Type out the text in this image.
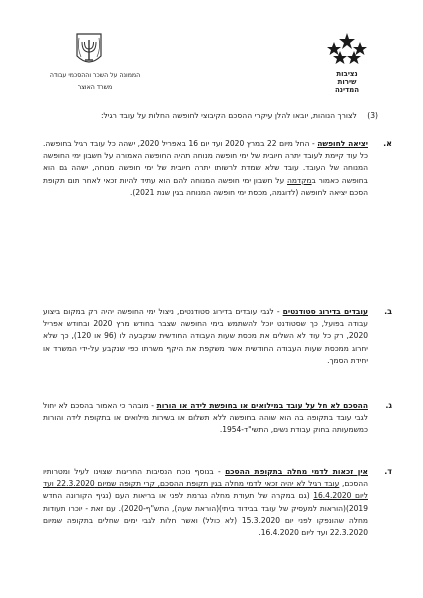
הממונה על השכר וההסכמי עבודה
משרד האוצר
נציבות
שירות
המדינה
(3) לצורך הנוהות, יובאו להלן עיקרי ההסכם הקיבוצי לחופשה החלות על עובד רגיל:
א.
יציאה לחופשה - החל מיום 22 במרץ 2020 ועד יום 16 באפריל 2020, ישהה כל עובד רגיל בחופשה. כל עוד קיימת לעובד יתרה חיובית של ימי חופשה מנוחה תהיה החופשה האמורה על חשבון ימי החופשה המנוחה של העובד. עובד שלא שמדת לרשותו יתרה חיובית של ימי חופשה מנוחה, ישהה גם הוא בחופשה כאמור במקדמה על חשבון ימי חופשה המנוחה להם הוא עתיד להיות זכאי לאחר תום תקופת הסכם יציאה לחופשה (לדוגמה, מכסת ימי חופשה המנוחה בגין שנת 2021).
ב.
עובדים בדירוג סטודנטים - לגבי עובדים בדירוג סטודנטים, ניצול ימי החופשה יהיה רק במקום ביצוע עבודה בפועל, כך שסטודנט יוכל להשתמש בימי החופשה שצבר בחודש מרץ 2020 ובחודש אפריל 2020, רק כל עוד לא השלים את מכסת שעות העבודה החודשית שנקבעה לו (96 או 120), כך שלא יחרוג ממכסת שעות העבודה החודשית אשר משקפת את היקף משרתו כפי שנקבע על-ידי המשרד או יחידת הסמך.
ג.
ההסכם לא חל על עובד במילואים או בחופשת לידה או הורות - מובהר כי האמור בהסכם לא יחול לגבי עובד בתקופה בה הוא שוהה בחופשה ללא תשלום או בשירות מילואים או בתקופת לידה והורות כמשמעותה בחוק עבודת נשים, התשי"ד-1954.
ד.
אין זכאות לדמי מחלה בתקופת ההסכם - בנוסף נוכח הנסיבות החריגות שצוינו לעיל ומטרותיו ההסכם, עובד רגיל לא יהיה זכאי לדמי מחלה בגין תקופת ההסכם, קרי תקופה שמיום 22.3.2020 ועד ליום 16.4.2020 (גם במקרה של תעודת מחלה נגרמת לפני או בריאות העם (נגיף הקורונה החדש 2019)(הוראות למעסיק של עובד בבידוד ביתי)(הוראת שעה), התש"ף-2020). עם זאת - יוכרו תעודות מחלה שהונפקו לפני יום 15.3.2020 (לא כולל) ואשר חלות לגבי ימים שחלים בתקופה שמיום 22.3.2020 ועד ליום 16.4.2020.
